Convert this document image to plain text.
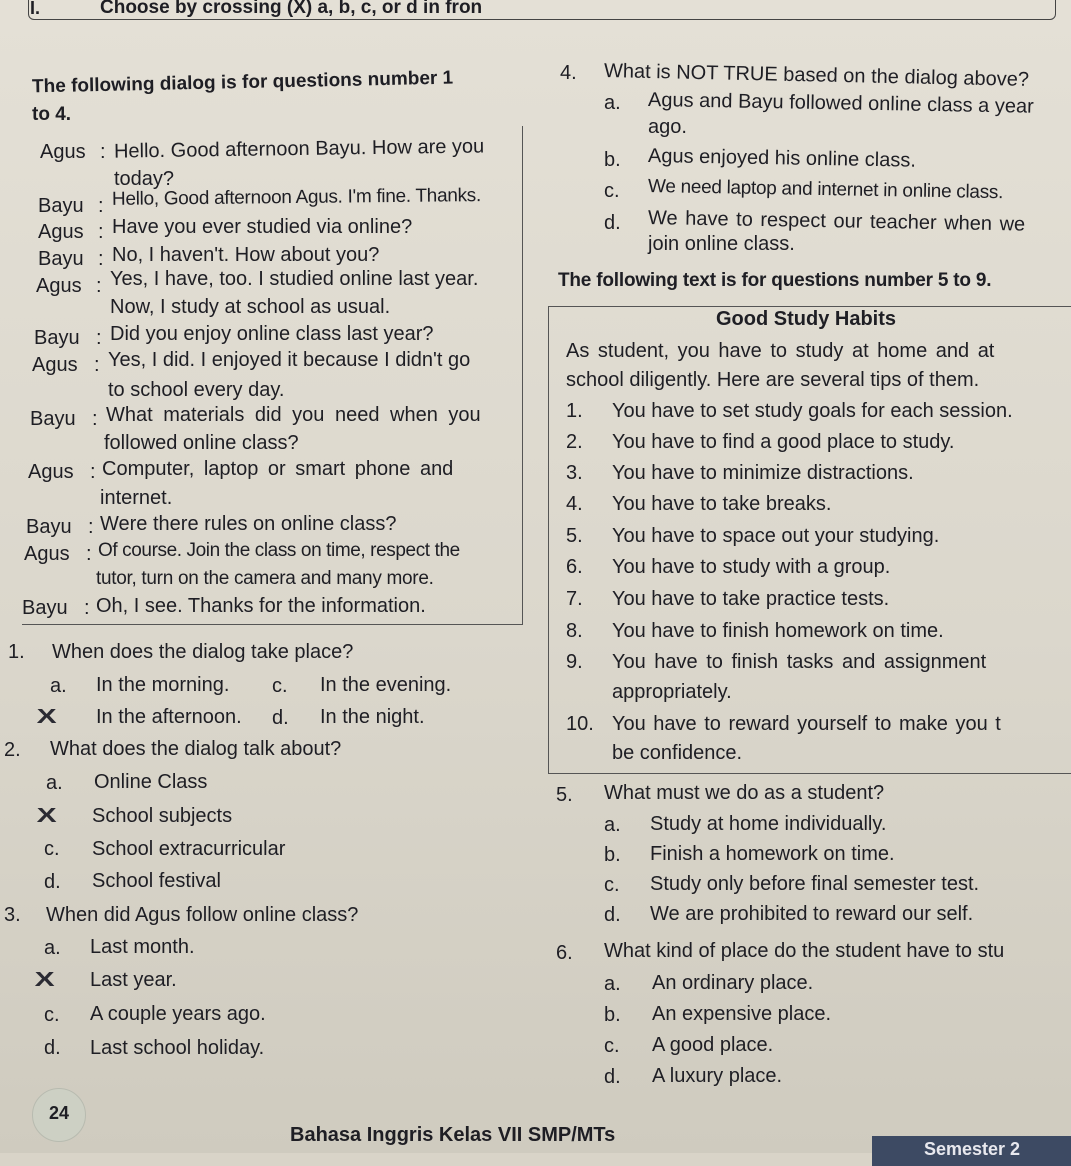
I.	Choose by crossing (X) a, b, c, or d in fron
The following dialog is for questions number 1
to 4.
Agus : Hello. Good afternoon Bayu. How are you
today?
Bayu : Hello, Good afternoon Agus. I'm fine. Thanks.
Agus : Have you ever studied via online?
Bayu : No, I haven't. How about you?
Agus : Yes, I have, too. I studied online last year.
Now, I study at school as usual.
Bayu : Did you enjoy online class last year?
Agus : Yes, I did. I enjoyed it because I didn't go
to school every day.
Bayu : What materials did you need when you
followed online class?
Agus : Computer, laptop or smart phone and
internet.
Bayu : Were there rules on online class?
Agus : Of course. Join the class on time, respect the
tutor, turn on the camera and many more.
Bayu : Oh, I see. Thanks for the information.
1. When does the dialog take place?
a. In the morning. c. In the evening.
X In the afternoon. d. In the night.
2. What does the dialog talk about?
a. Online Class
X School subjects
c. School extracurricular
d. School festival
3. When did Agus follow online class?
a. Last month.
X Last year.
c. A couple years ago.
d. Last school holiday.
4. What is NOT TRUE based on the dialog above?
a. Agus and Bayu followed online class a year
ago.
b. Agus enjoyed his online class.
c. We need laptop and internet in online class.
d. We have to respect our teacher when we
join online class.
The following text is for questions number 5 to 9.
Good Study Habits
As student, you have to study at home and at
school diligently. Here are several tips of them.
1. You have to set study goals for each session.
2. You have to find a good place to study.
3. You have to minimize distractions.
4. You have to take breaks.
5. You have to space out your studying.
6. You have to study with a group.
7. You have to take practice tests.
8. You have to finish homework on time.
9. You have to finish tasks and assignment
appropriately.
10. You have to reward yourself to make you t
be confidence.
5. What must we do as a student?
a. Study at home individually.
b. Finish a homework on time.
c. Study only before final semester test.
d. We are prohibited to reward our self.
6. What kind of place do the student have to stu
a. An ordinary place.
b. An expensive place.
c. A good place.
d. A luxury place.
24
Bahasa Inggris Kelas VII SMP/MTs
Semester 2
